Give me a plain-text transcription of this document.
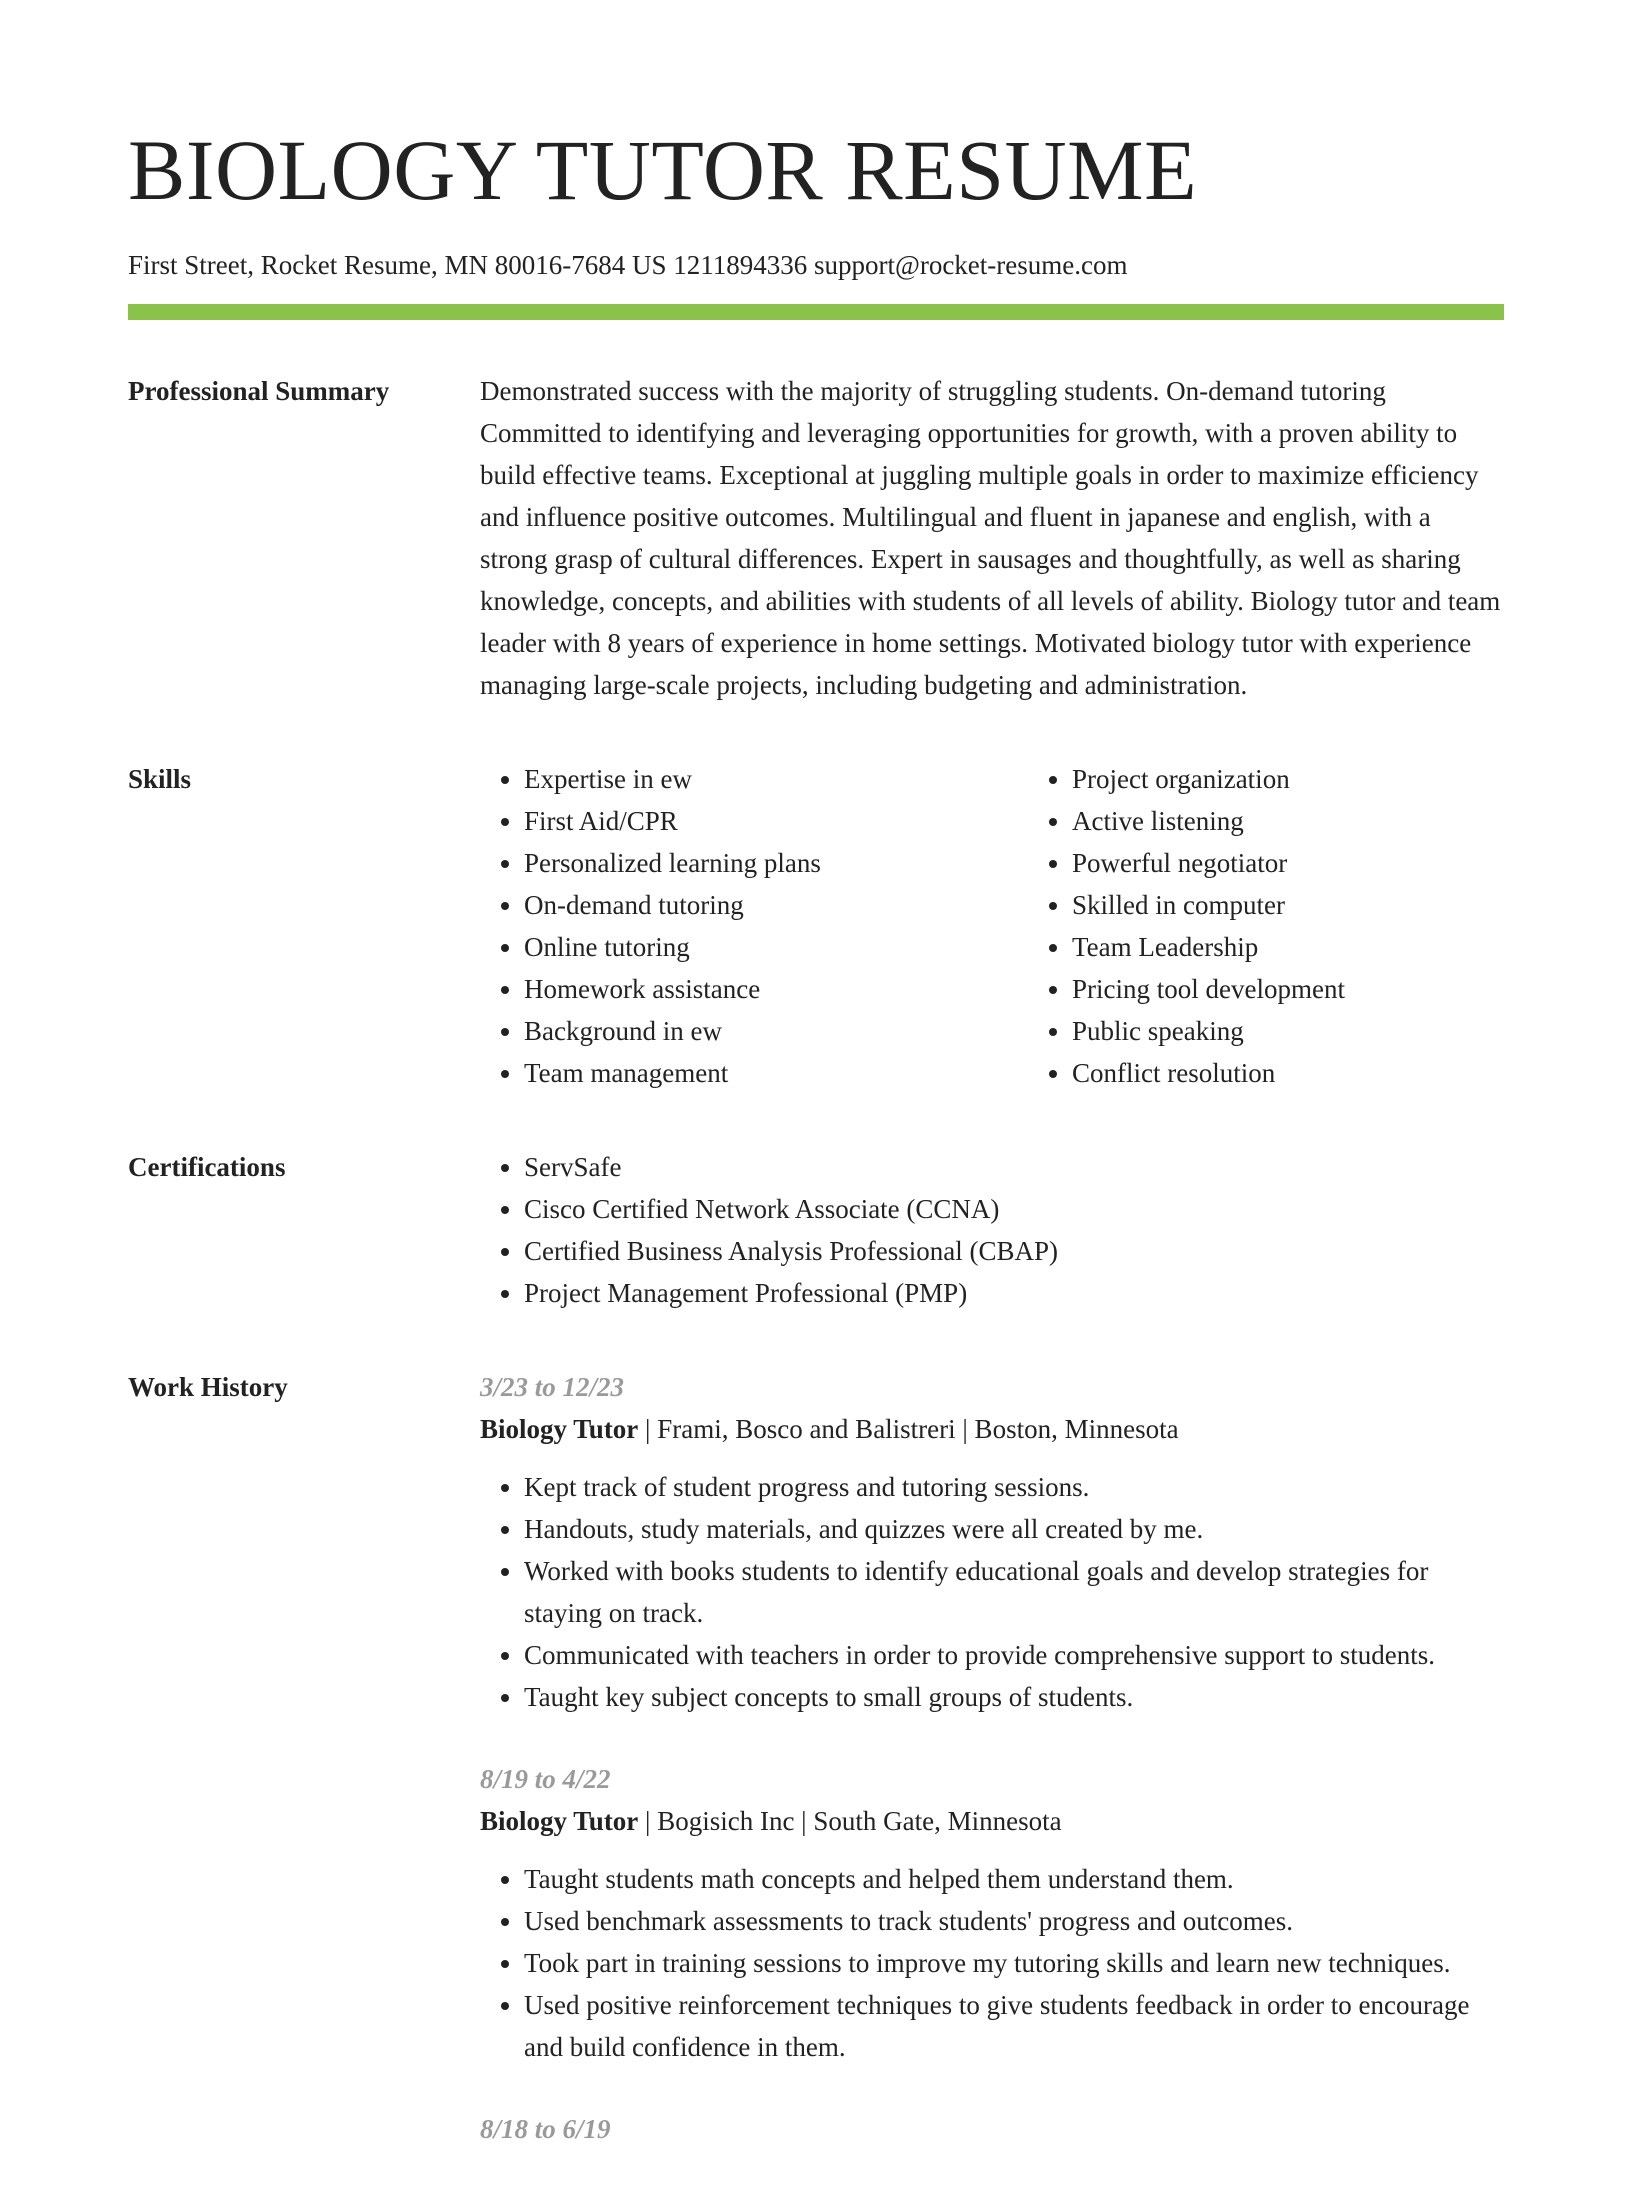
BIOLOGY TUTOR RESUME
First Street, Rocket Resume, MN 80016-7684 US 1211894336 support@rocket-resume.com
Professional Summary	Demonstrated success with the majority of struggling students. On-demand tutoring Committed to identifying and leveraging opportunities for growth, with a proven ability to build effective teams. Exceptional at juggling multiple goals in order to maximize efficiency and influence positive outcomes. Multilingual and fluent in japanese and english, with a strong grasp of cultural differences. Expert in sausages and thoughtfully, as well as sharing knowledge, concepts, and abilities with students of all levels of ability. Biology tutor and team leader with 8 years of experience in home settings. Motivated biology tutor with experience managing large-scale projects, including budgeting and administration.

Skills	• Expertise in ew
• First Aid/CPR
• Personalized learning plans
• On-demand tutoring
• Online tutoring
• Homework assistance
• Background in ew
• Team management
• Project organization
• Active listening
• Powerful negotiator
• Skilled in computer
• Team Leadership
• Pricing tool development
• Public speaking
• Conflict resolution
Certifications	• ServSafe
• Cisco Certified Network Associate (CCNA)
• Certified Business Analysis Professional (CBAP)
• Project Management Professional (PMP)
Work History	3/23 to 12/23
Biology Tutor | Frami, Bosco and Balistreri | Boston, Minnesota
• Kept track of student progress and tutoring sessions.
• Handouts, study materials, and quizzes were all created by me.
• Worked with books students to identify educational goals and develop strategies for staying on track.
• Communicated with teachers in order to provide comprehensive support to students.
• Taught key subject concepts to small groups of students.
8/19 to 4/22
Biology Tutor | Bogisich Inc | South Gate, Minnesota
• Taught students math concepts and helped them understand them.
• Used benchmark assessments to track students' progress and outcomes.
• Took part in training sessions to improve my tutoring skills and learn new techniques.
• Used positive reinforcement techniques to give students feedback in order to encourage and build confidence in them.
8/18 to 6/19
